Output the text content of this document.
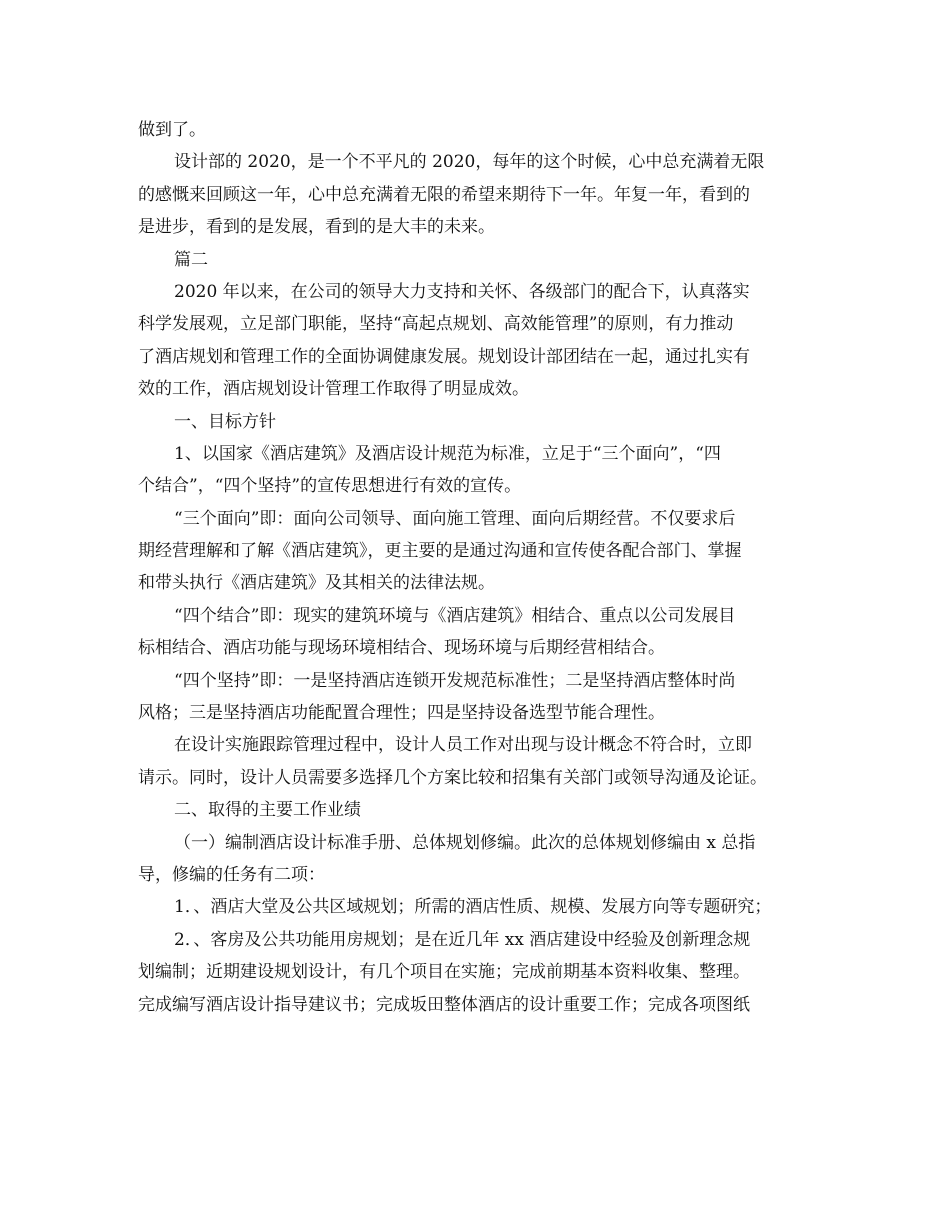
做到了。
设计部的 2020，是一个不平凡的 2020，每年的这个时候，心中总充满着无限
的感慨来回顾这一年，心中总充满着无限的希望来期待下一年。年复一年，看到的
是进步，看到的是发展，看到的是大丰的未来。
篇二
2020 年以来，在公司的领导大力支持和关怀、各级部门的配合下，认真落实
科学发展观，立足部门职能，坚持“高起点规划、高效能管理”的原则，有力推动
了酒店规划和管理工作的全面协调健康发展。规划设计部团结在一起，通过扎实有
效的工作，酒店规划设计管理工作取得了明显成效。
一、目标方针
1、以国家《酒店建筑》及酒店设计规范为标准，立足于“三个面向”，“四
个结合”，“四个坚持”的宣传思想进行有效的宣传。
“三个面向”即：面向公司领导、面向施工管理、面向后期经营。不仅要求后
期经营理解和了解《酒店建筑》，更主要的是通过沟通和宣传使各配合部门、掌握
和带头执行《酒店建筑》及其相关的法律法规。
“四个结合”即：现实的建筑环境与《酒店建筑》相结合、重点以公司发展目
标相结合、酒店功能与现场环境相结合、现场环境与后期经营相结合。
“四个坚持”即：一是坚持酒店连锁开发规范标准性；二是坚持酒店整体时尚
风格；三是坚持酒店功能配置合理性；四是坚持设备选型节能合理性。
在设计实施跟踪管理过程中，设计人员工作对出现与设计概念不符合时，立即
请示。同时，设计人员需要多选择几个方案比较和招集有关部门或领导沟通及论证。
二、取得的主要工作业绩
（一）编制酒店设计标准手册、总体规划修编。此次的总体规划修编由 x 总指
导，修编的任务有二项：
1．、酒店大堂及公共区域规划；所需的酒店性质、规模、发展方向等专题研究；
2．、客房及公共功能用房规划；是在近几年 xx 酒店建设中经验及创新理念规
划编制；近期建设规划设计，有几个项目在实施；完成前期基本资料收集、整理。
完成编写酒店设计指导建议书；完成坂田整体酒店的设计重要工作；完成各项图纸
